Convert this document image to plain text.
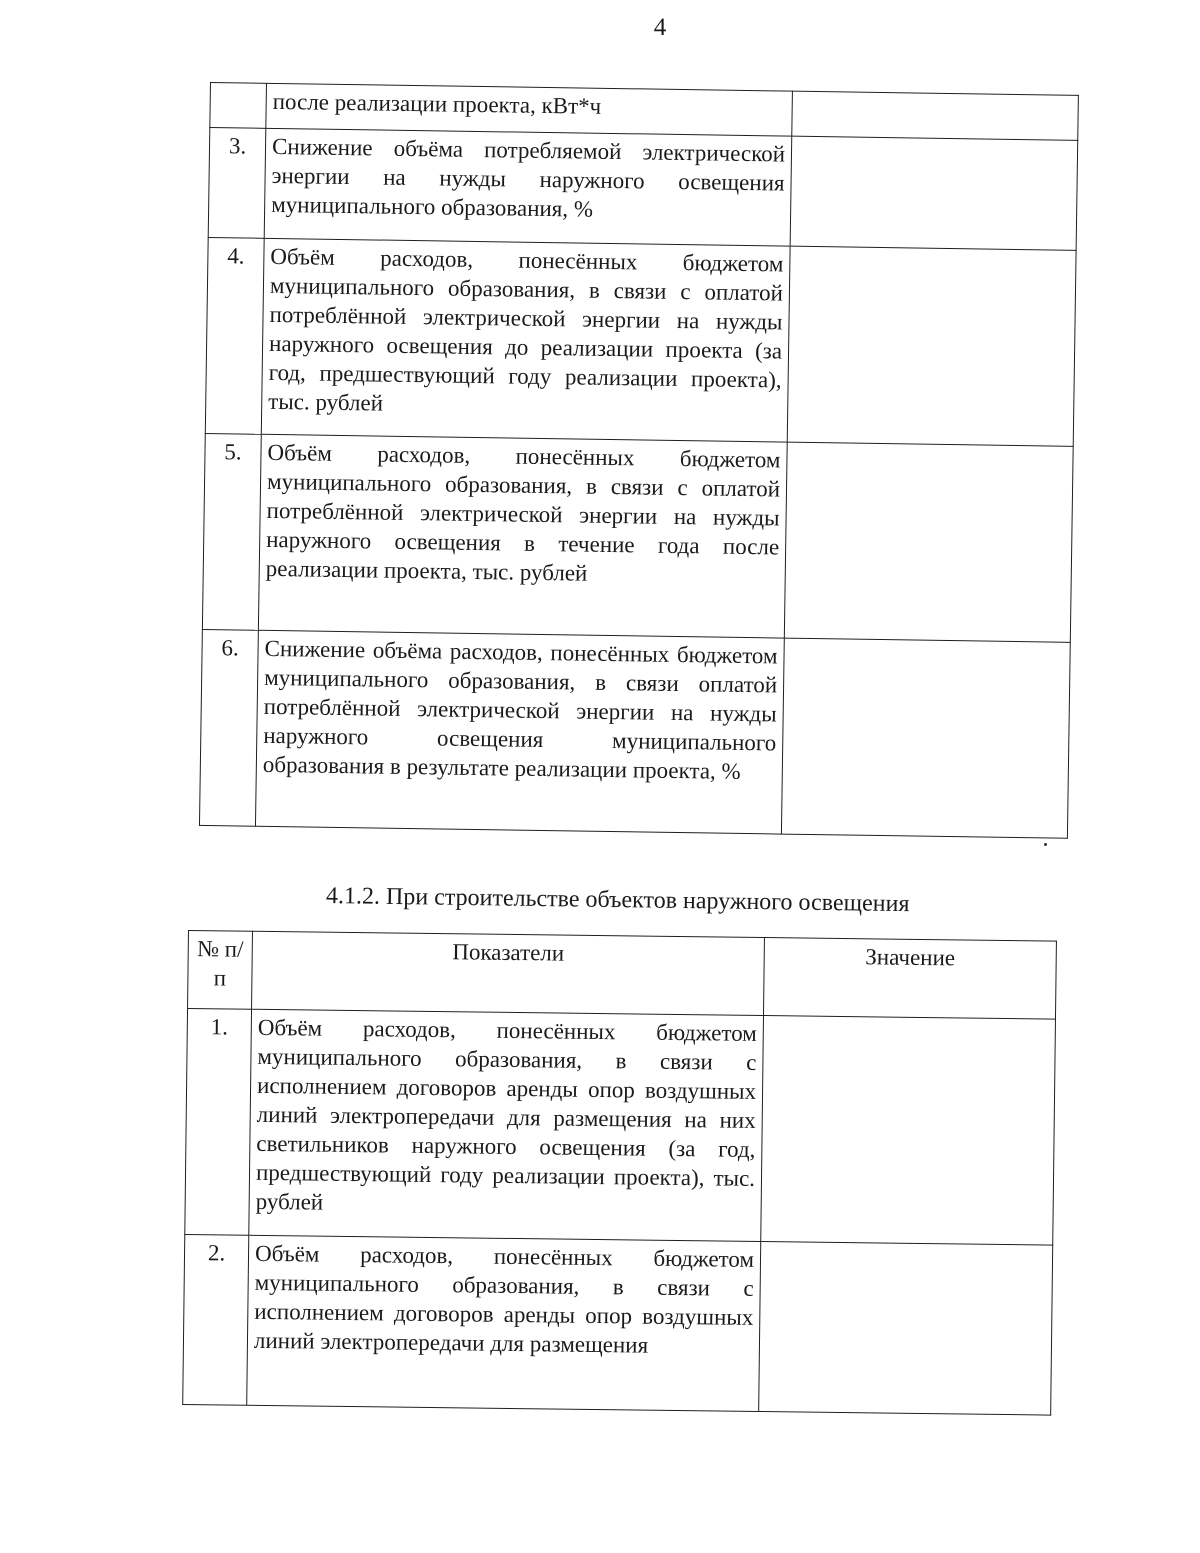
4
	после реализации проекта, кВт*ч	
3.	Снижение объёма потребляемой электрической энергии на нужды наружного освещения муниципального образования, %	
4.	Объём расходов, понесённых бюджетом муниципального образования, в связи с оплатой потреблённой электрической энергии на нужды наружного освещения до реализации проекта (за год, предшествующий году реализации проекта), тыс. рублей	
5.	Объём расходов, понесённых бюджетом муниципального образования, в связи с оплатой потреблённой электрической энергии на нужды наружного освещения в течение года после реализации проекта, тыс. рублей	
6.	Снижение объёма расходов, понесённых бюджетом муниципального образования, в связи оплатой потреблённой электрической энергии на нужды наружного освещения муниципального образования в результате реализации проекта, %	
4.1.2. При строительстве объектов наружного освещения
№ п/п	Показатели	Значение
1.	Объём расходов, понесённых бюджетом муниципального образования, в связи с исполнением договоров аренды опор воздушных линий электропередачи для размещения на них светильников наружного освещения (за год, предшествующий году реализации проекта), тыс. рублей	
2.	Объём расходов, понесённых бюджетом муниципального образования, в связи с исполнением договоров аренды опор воздушных линий электропередачи для размещения	
